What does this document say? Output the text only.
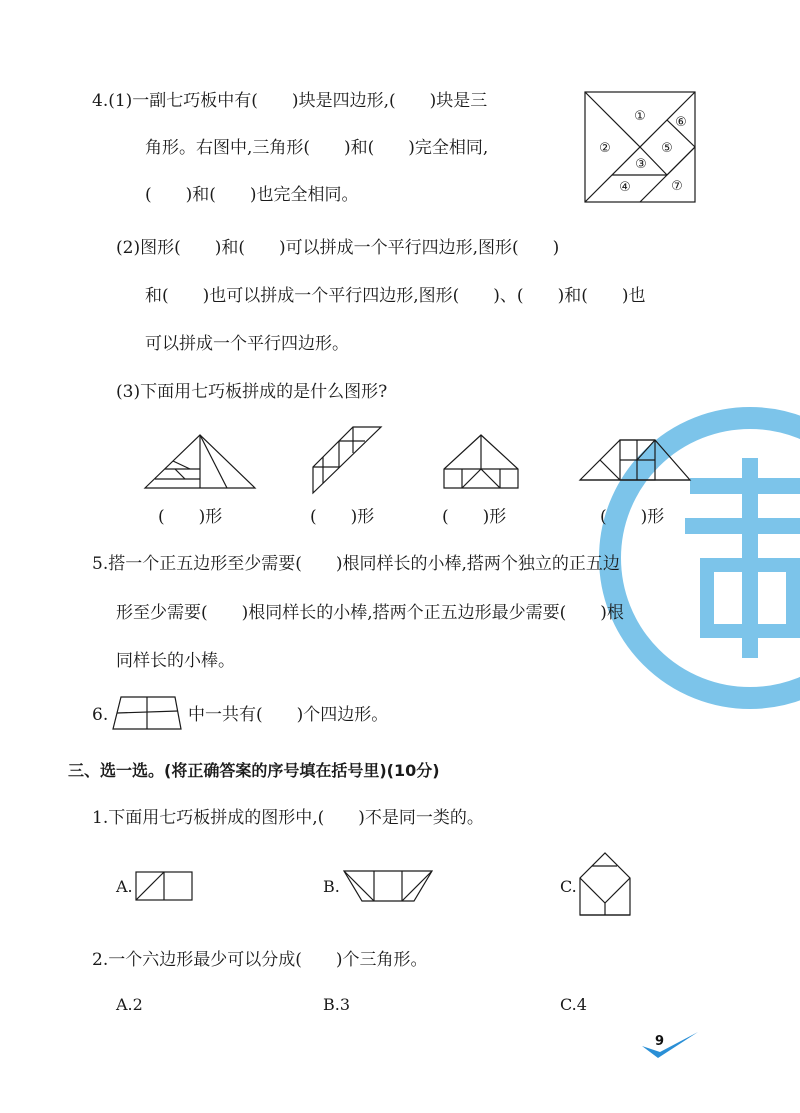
4.(1)一副七巧板中有(　　)块是四边形,(　　)块是三
角形。右图中,三角形(　　)和(　　)完全相同,
(　　)和(　　)也完全相同。
①
②
③
④
⑤
⑥
⑦
(2)图形(　　)和(　　)可以拼成一个平行四边形,图形(　　)
和(　　)也可以拼成一个平行四边形,图形(　　)、(　　)和(　　)也
可以拼成一个平行四边形。
(3)下面用七巧板拼成的是什么图形?
(　　)形	(　　)形	(　　)形	(　　)形
5.搭一个正五边形至少需要(　　)根同样长的小棒,搭两个独立的正五边
形至少需要(　　)根同样长的小棒,搭两个正五边形最少需要(　　)根
同样长的小棒。
6.	中一共有(　　)个四边形。
三、选一选。(将正确答案的序号填在括号里)(10分)
1.下面用七巧板拼成的图形中,(　　)不是同一类的。
A.	B.	C.
2.一个六边形最少可以分成(　　)个三角形。
A.2	B.3	C.4
9
